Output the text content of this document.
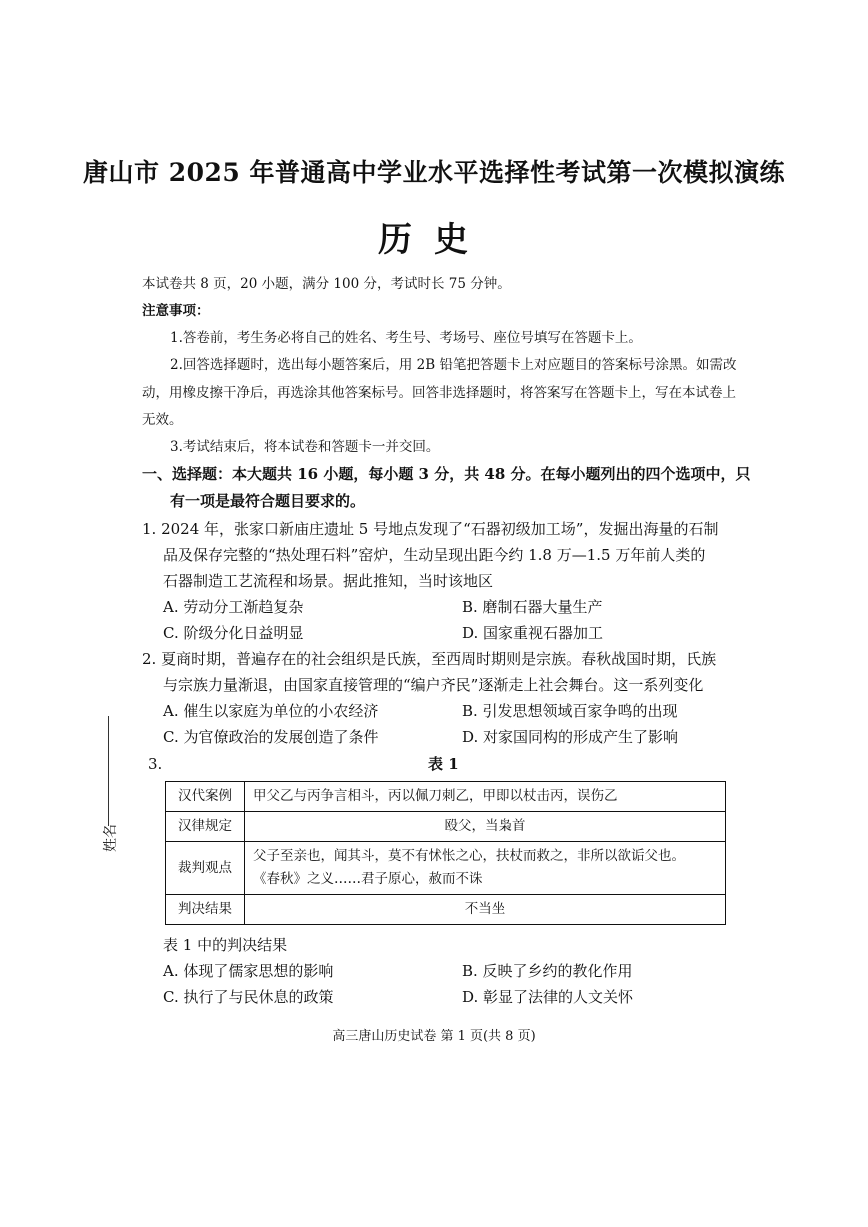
唐山市 2025 年普通高中学业水平选择性考试第一次模拟演练
历史
本试卷共 8 页，20 小题，满分 100 分，考试时长 75 分钟。
注意事项：
1.答卷前，考生务必将自己的姓名、考生号、考场号、座位号填写在答题卡上。
2.回答选择题时，选出每小题答案后，用 2B 铅笔把答题卡上对应题目的答案标号涂黑。如需改
动，用橡皮擦干净后，再选涂其他答案标号。回答非选择题时，将答案写在答题卡上，写在本试卷上
无效。
3.考试结束后，将本试卷和答题卡一并交回。
一、选择题：本大题共 16 小题，每小题 3 分，共 48 分。在每小题列出的四个选项中，只
有一项是最符合题目要求的。
1. 2024 年，张家口新庙庄遗址 5 号地点发现了“石器初级加工场”，发掘出海量的石制
品及保存完整的“热处理石料”窑炉，生动呈现出距今约 1.8 万—1.5 万年前人类的
石器制造工艺流程和场景。据此推知，当时该地区
A. 劳动分工渐趋复杂	B. 磨制石器大量生产
C. 阶级分化日益明显	D. 国家重视石器加工
2. 夏商时期，普遍存在的社会组织是氏族，至西周时期则是宗族。春秋战国时期，氏族
与宗族力量渐退，由国家直接管理的“编户齐民”逐渐走上社会舞台。这一系列变化
A. 催生以家庭为单位的小农经济	B. 引发思想领域百家争鸣的出现
C. 为官僚政治的发展创造了条件	D. 对家国同构的形成产生了影响
3.	表 1
汉代案例	甲父乙与丙争言相斗，丙以佩刀刺乙，甲即以杖击丙，误伤乙
汉律规定	殴父，当枭首
裁判观点	父子至亲也，闻其斗，莫不有怵怅之心，扶杖而救之，非所以欲诟父也。
《春秋》之义……君子原心，赦而不诛

判决结果	不当坐
表 1 中的判决结果
A. 体现了儒家思想的影响	B. 反映了乡约的教化作用
C. 执行了与民休息的政策	D. 彰显了法律的人文关怀
姓名
高三唐山历史试卷 第 1 页(共 8 页)
